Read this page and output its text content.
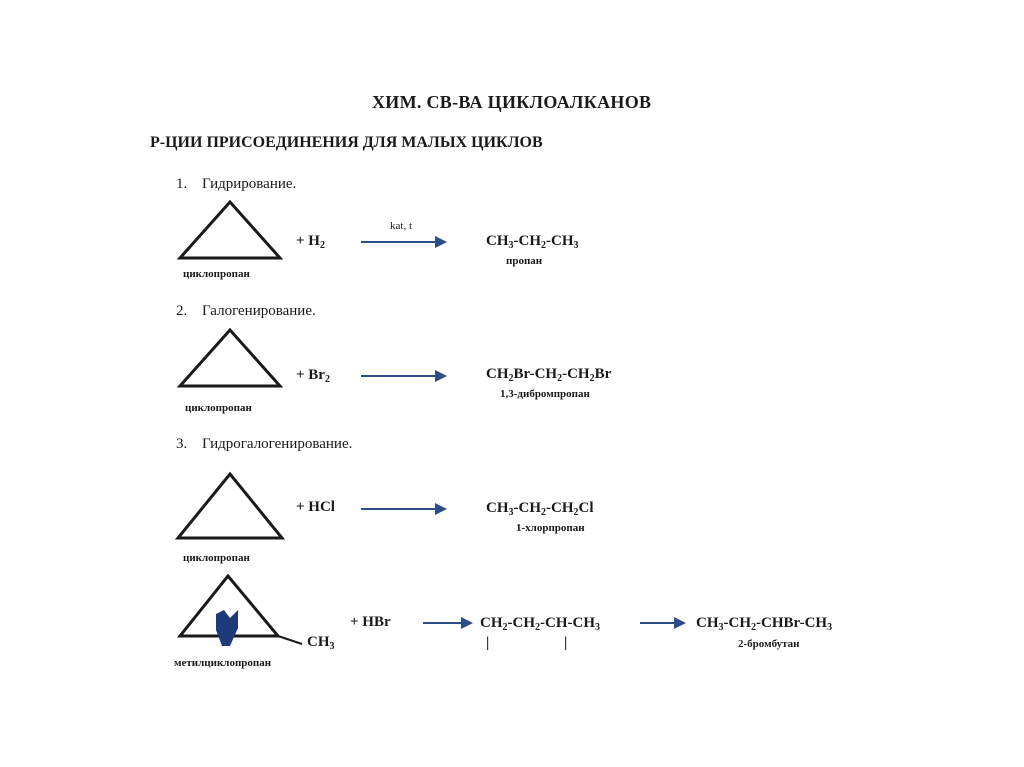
ХИМ. СВ-ВА ЦИКЛОАЛКАНОВ
Р-ЦИИ ПРИСОЕДИНЕНИЯ ДЛЯ МАЛЫХ ЦИКЛОВ
1. Гидрирование.
циклопропан
+ $H_2$
kat, t
$CH_3-CH_2-CH_3$
пропан
2. Галогенирование.
циклопропан
+ $Br_2$	$CH_2Br-CH_2-CH_2Br$
1,3-дибромпропан
3. Гидрогалогенирование.
циклопропан
+ HCl	$CH_3-CH_2-CH_2Cl$
1-хлорпропан
$CH_3$
метилциклопропан
+ HBr	$CH_2-CH_2-CH-CH_3$
|	|
$CH_3-CH_2-CHBr-CH_3$
2-бромбутан
